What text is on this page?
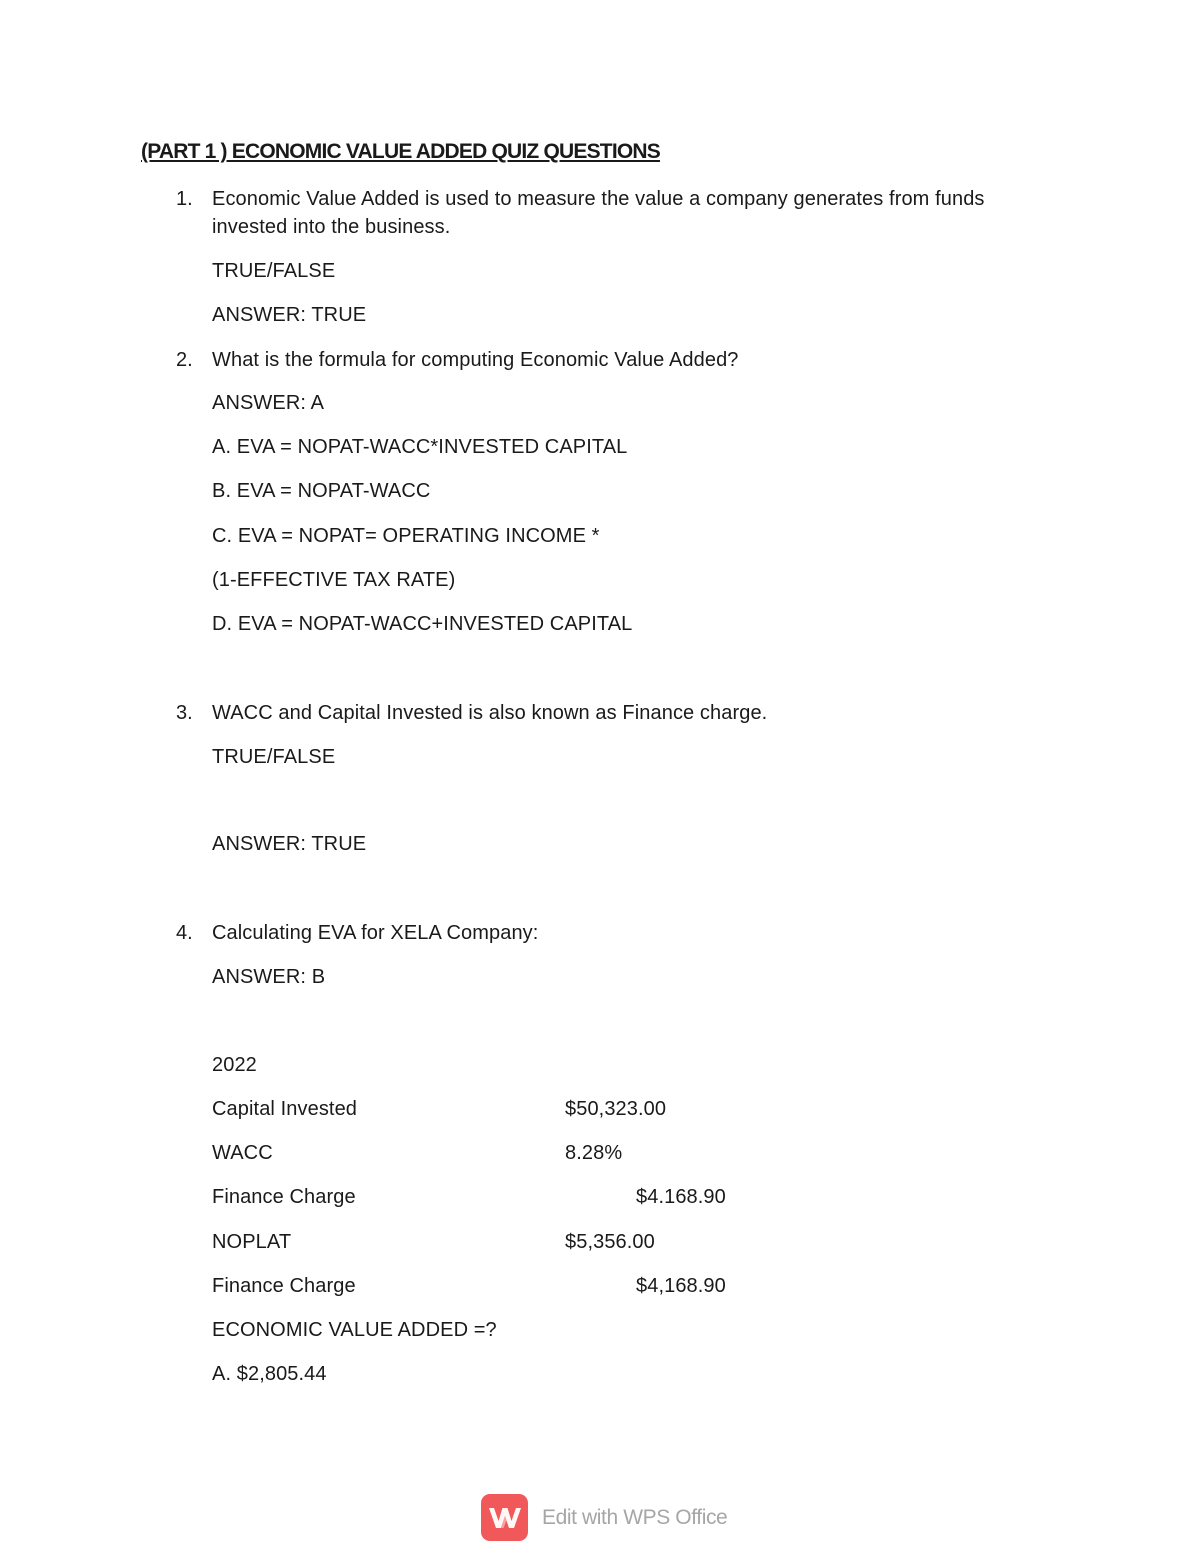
(PART 1 ) ECONOMIC VALUE ADDED QUIZ QUESTIONS
1. Economic Value Added is used to measure the value a company generates from funds
invested into the business.
TRUE/FALSE
ANSWER: TRUE
2. What is the formula for computing Economic Value Added?
ANSWER: A
A. EVA = NOPAT-WACC*INVESTED CAPITAL
B. EVA = NOPAT-WACC
C. EVA = NOPAT= OPERATING INCOME *
(1-EFFECTIVE TAX RATE)
D. EVA = NOPAT-WACC+INVESTED CAPITAL
3. WACC and Capital Invested is also known as Finance charge.
TRUE/FALSE
ANSWER: TRUE
4. Calculating EVA for XELA Company:
ANSWER: B
2022
Capital Invested	$50,323.00
WACC	8.28%
Finance Charge	$4.168.90
NOPLAT	$5,356.00
Finance Charge	$4,168.90
ECONOMIC VALUE ADDED =?
A. $2,805.44
Edit with WPS Office
